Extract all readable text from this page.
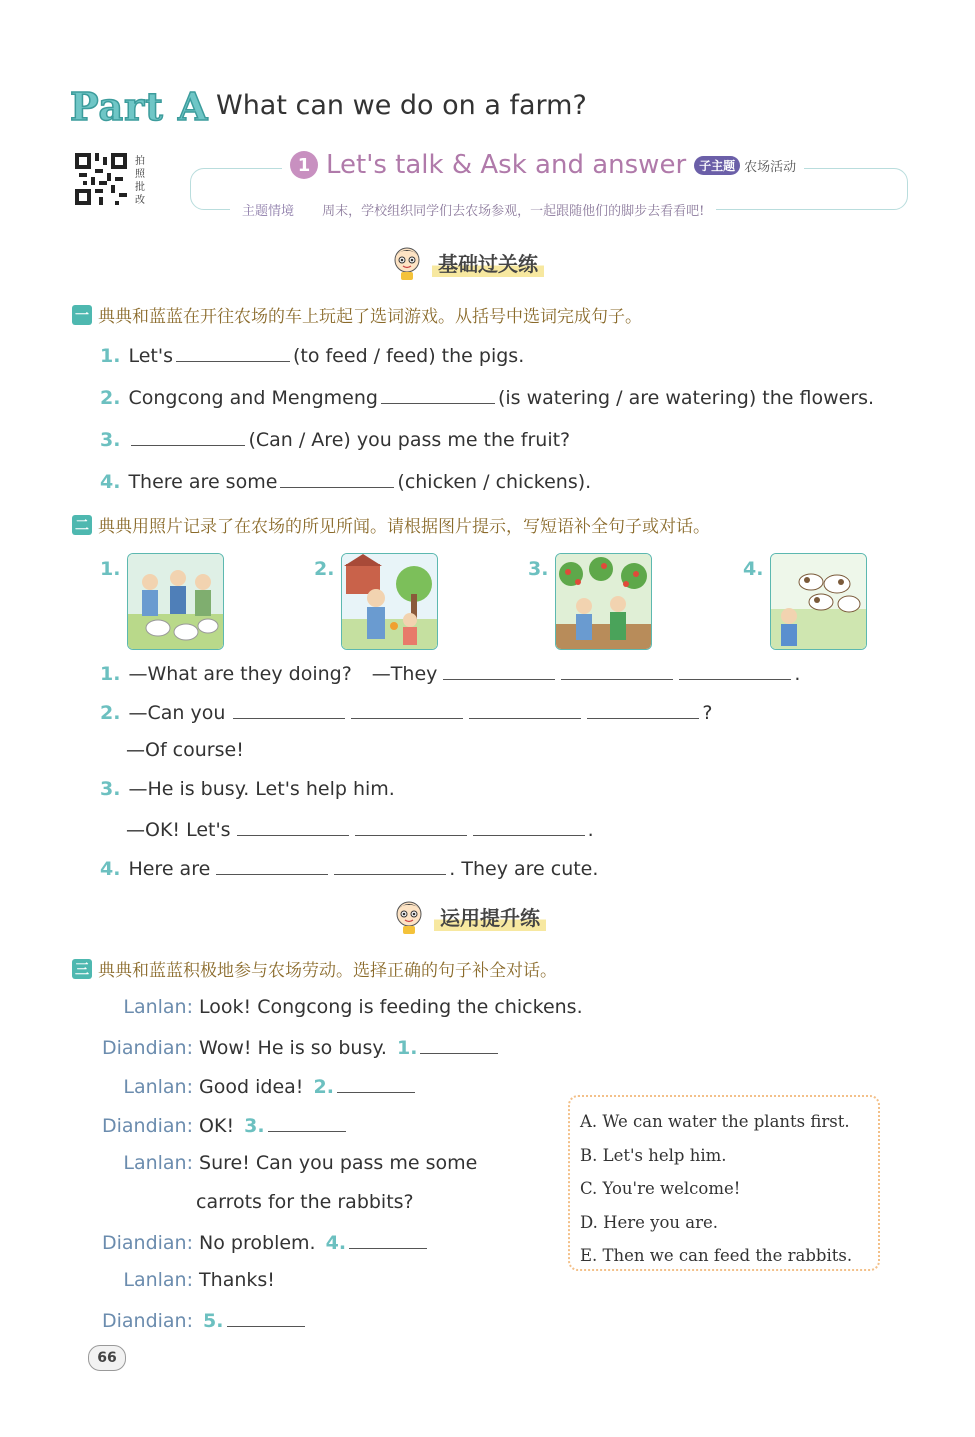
Part A What can we do on a farm?
拍照批改
1 Let's talk & Ask and answer	子主题 农场活动
主题情境 周末，学校组织同学们去农场参观，一起跟随他们的脚步去看看吧!
基础过关练
一 典典和蓝蓝在开往农场的车上玩起了选词游戏。从括号中选词完成句子。
1. Let's	(to feed / feed) the pigs.
2. Congcong and Mengmeng	(is watering / are watering) the flowers.
3.	(Can / Are) you pass me the fruit?
4. There are some	(chicken / chickens).
二 典典用照片记录了在农场的所见所闻。请根据图片提示，写短语补全句子或对话。
1.	2.	3.	4.
1. —What are they doing? —They	.
2. —Can you	?
—Of course!
3. —He is busy. Let's help him.
—OK! Let's	.
4. Here are	. They are cute.
运用提升练
三 典典和蓝蓝积极地参与农场劳动。选择正确的句子补全对话。
Lanlan: Look! Congcong is feeding the chickens.
Diandian: Wow! He is so busy. 1.
Lanlan: Good idea! 2.
Diandian: OK! 3.
Lanlan: Sure! Can you pass me some
carrots for the rabbits?
Diandian: No problem. 4.
Lanlan: Thanks!
Diandian: 5.
A. We can water the plants first.
B. Let's help him.
C. You're welcome!
D. Here you are.
E. Then we can feed the rabbits.
66
